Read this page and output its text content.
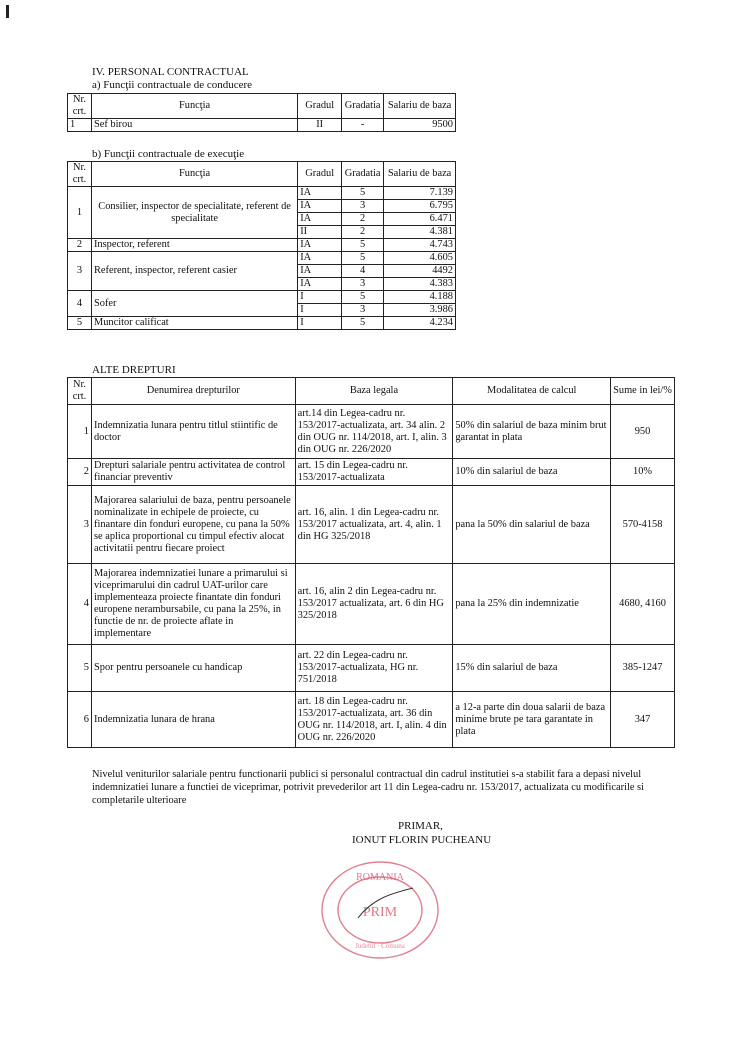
IV. PERSONAL CONTRACTUAL
a) Funcţii contractuale de conducere
Nr. crt.	Funcţia	Gradul	Gradatia	Salariu de baza
1	Sef birou	II	-	9500
b) Funcţii contractuale de execuţie
Nr. crt.	Funcţia	Gradul	Gradatia	Salariu de baza
1	Consilier, inspector de specialitate, referent de specialitate	IA	5	7.139
		IA	3	6.795
		IA	2	6.471
		II	2	4.381
2	Inspector, referent	IA	5	4.743
3	Referent, inspector, referent casier	IA	5	4.605
		IA	4	4492
		IA	3	4.383
4	Sofer	I	5	4.188
		I	3	3.986
5	Muncitor calificat	I	5	4.234
ALTE DREPTURI
Nr. crt.	Denumirea drepturilor	Baza legala	Modalitatea de calcul	Sume in lei/%
1	Indemnizatia lunara pentru titlul stiintific de doctor	art.14 din Legea-cadru nr. 153/2017-actualizata, art. 34 alin. 2 din OUG nr. 114/2018, art. I, alin. 3 din OUG nr. 226/2020	50% din salariul de baza minim brut garantat in plata	950
2	Drepturi salariale pentru activitatea de control financiar preventiv	art. 15 din Legea-cadru nr. 153/2017-actualizata	10% din salariul de baza	10%
3	Majorarea salariului de baza, pentru persoanele nominalizate in echipele de proiecte, cu finantare din fonduri europene, cu pana la 50% se aplica proportional cu timpul efectiv alocat activitatii pentru fiecare proiect	art. 16, alin. 1 din Legea-cadru nr. 153/2017 actualizata, art. 4, alin. 1 din HG 325/2018	pana la 50% din salariul de baza	570-4158
4	Majorarea indemnizatiei lunare a primarului si viceprimarului din cadrul UAT-urilor care implementeaza proiecte finantate din fonduri europene nerambursabile, cu pana la 25%, in functie de nr. de proiecte aflate in implementare	art. 16, alin 2 din Legea-cadru nr. 153/2017 actualizata, art. 6 din HG 325/2018	pana la 25% din indemnizatie	4680, 4160
5	Spor pentru persoanele cu handicap	art. 22 din Legea-cadru nr. 153/2017-actualizata, HG nr. 751/2018	15% din salariul de baza	385-1247
6	Indemnizatia lunara de hrana	art. 18 din Legea-cadru nr. 153/2017-actualizata, art. 36 din OUG nr. 114/2018, art. I, alin. 4 din OUG nr. 226/2020	a 12-a parte din doua salarii de baza minime brute pe tara garantate in plata	347
Nivelul veniturilor salariale pentru functionarii publici si personalul contractual din cadrul institutiei s-a stabilit fara a depasi nivelul indemnizatiei lunare a functiei de viceprimar, potrivit prevederilor art 11 din Legea-cadru nr. 153/2017, actualizata cu modificarile si completarile ulterioare
PRIMAR,
IONUT FLORIN PUCHEANU
ROMANIA
PRIM
Judetul · Comuna
